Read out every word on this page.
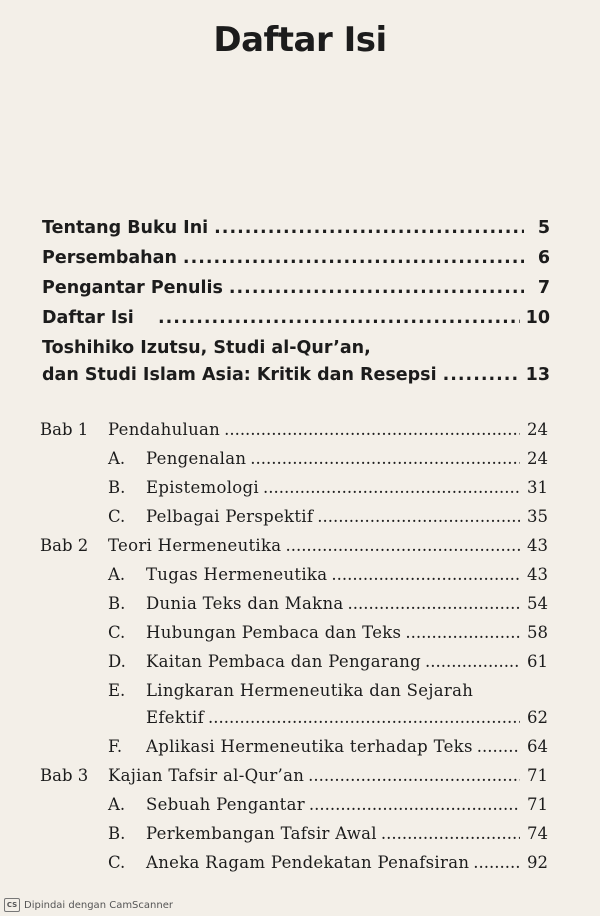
Daftar Isi
Tentang Buku Ini .....	5
Persembahan .....	6
Pengantar Penulis .....	7
Daftar Isi .....	10
Toshihiko Izutsu, Studi al-Qur’an,
dan Studi Islam Asia: Kritik dan Resepsi .....	13
Bab 1	Pendahuluan .....	24
A.	Pengenalan .....	24
B.	Epistemologi .....	31
C.	Pelbagai Perspektif .....	35
Bab 2	Teori Hermeneutika .....	43
A.	Tugas Hermeneutika .....	43
B.	Dunia Teks dan Makna .....	54
C.	Hubungan Pembaca dan Teks .....	58
D.	Kaitan Pembaca dan Pengarang .....	61
E.	Lingkaran Hermeneutika dan Sejarah
Efektif .....	62
F.	Aplikasi Hermeneutika terhadap Teks .....	64
Bab 3	Kajian Tafsir al-Qur’an .....	71
A.	Sebuah Pengantar .....	71
B.	Perkembangan Tafsir Awal .....	74
C.	Aneka Ragam Pendekatan Penafsiran .....	92
CS Dipindai dengan CamScanner
